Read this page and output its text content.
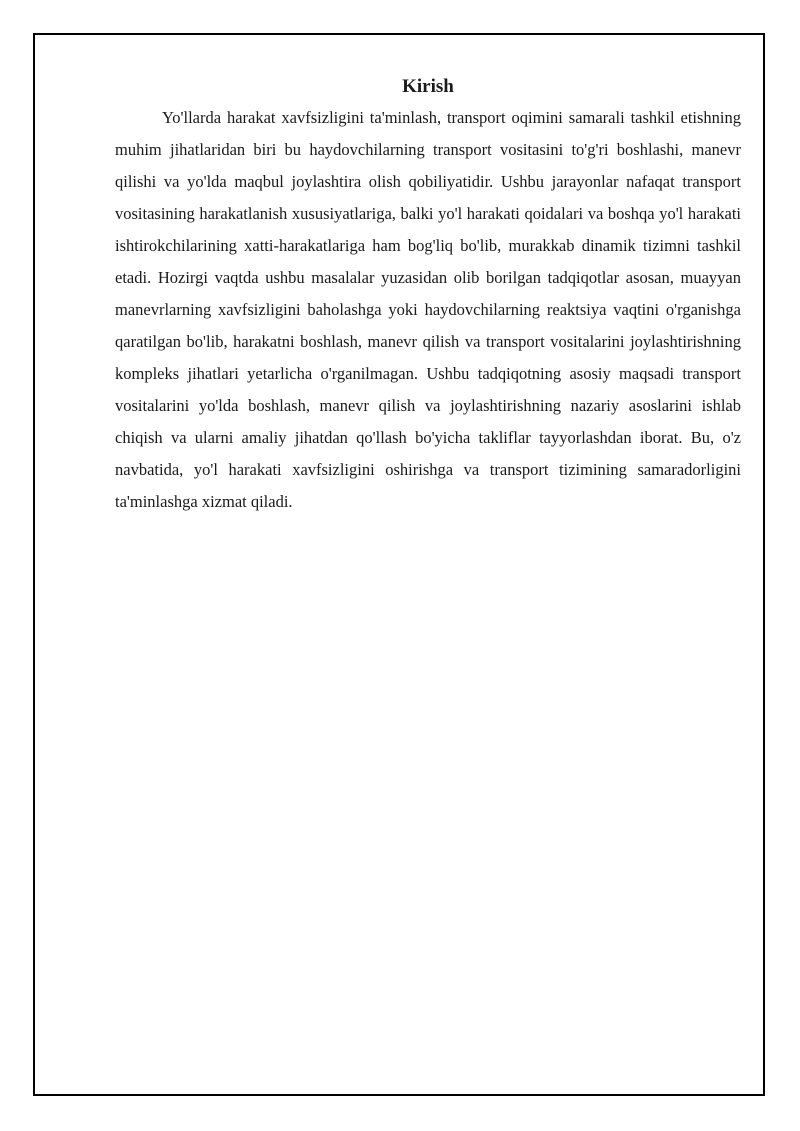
Kirish

Yo'llarda harakat xavfsizligini ta'minlash, transport oqimini samarali tashkil etishning muhim jihatlaridan biri bu haydovchilarning transport vositasini to'g'ri boshlashi, manevr qilishi va yo'lda maqbul joylashtira olish qobiliyatidir. Ushbu jarayonlar nafaqat transport vositasining harakatlanish xususiyatlariga, balki yo'l harakati qoidalari va boshqa yo'l harakati ishtirokchilarining xatti-harakatlariga ham bog'liq bo'lib, murakkab dinamik tizimni tashkil etadi. Hozirgi vaqtda ushbu masalalar yuzasidan olib borilgan tadqiqotlar asosan, muayyan manevrlarning xavfsizligini baholashga yoki haydovchilarning reaktsiya vaqtini o'rganishga qaratilgan bo'lib, harakatni boshlash, manevr qilish va transport vositalarini joylashtirishning kompleks jihatlari yetarlicha o'rganilmagan. Ushbu tadqiqotning asosiy maqsadi transport vositalarini yo'lda boshlash, manevr qilish va joylashtirishning nazariy asoslarini ishlab chiqish va ularni amaliy jihatdan qo'llash bo'yicha takliflar tayyorlashdan iborat. Bu, o'z navbatida, yo'l harakati xavfsizligini oshirishga va transport tizimining samaradorligini ta'minlashga xizmat qiladi.
